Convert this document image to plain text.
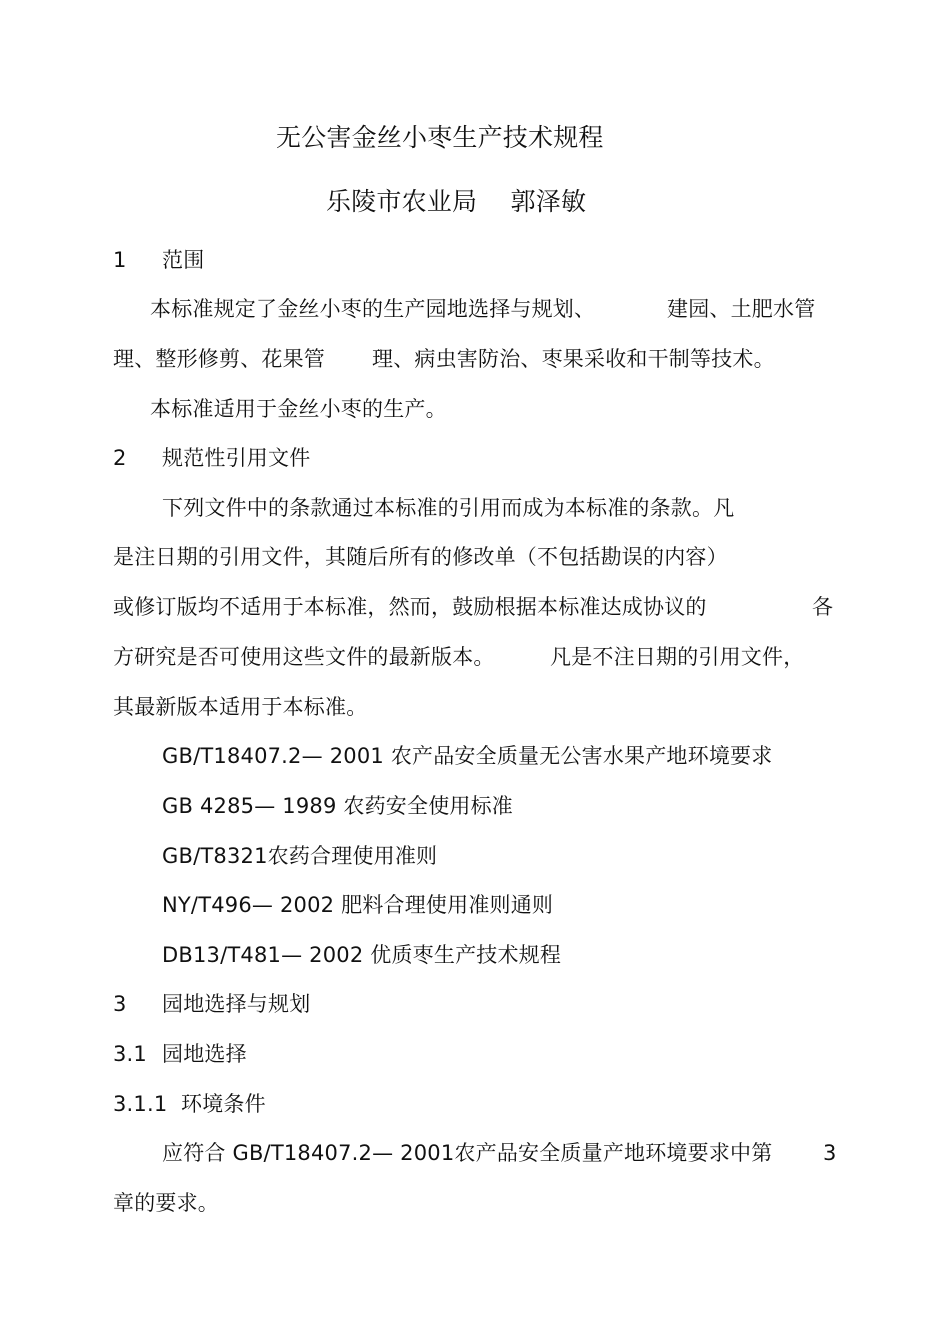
无公害金丝小枣生产技术规程
乐陵市农业局　 郭泽敏
1 范围
本标准规定了金丝小枣的生产园地选择与规划、	建园、土肥水管
理、整形修剪、花果管 理、病虫害防治、枣果采收和干制等技术。
本标准适用于金丝小枣的生产。
2 规范性引用文件
下列文件中的条款通过本标准的引用而成为本标准的条款。凡
是注日期的引用文件，其随后所有的修改单（不包括勘误的内容）
或修订版均不适用于本标准，然而，鼓励根据本标准达成协议的	各
方研究是否可使用这些文件的最新版本。	凡是不注日期的引用文件，
其最新版本适用于本标准。
GB/T18407.2— 2001 农产品安全质量无公害水果产地环境要求
GB 4285— 1989 农药安全使用标准
GB/T8321农药合理使用准则
NY/T496— 2002 肥料合理使用准则通则
DB13/T481— 2002 优质枣生产技术规程
3 园地选择与规划
3.1 园地选择
3.1.1 环境条件
应符合 GB/T18407.2— 2001农产品安全质量产地环境要求中第 3
章的要求。
